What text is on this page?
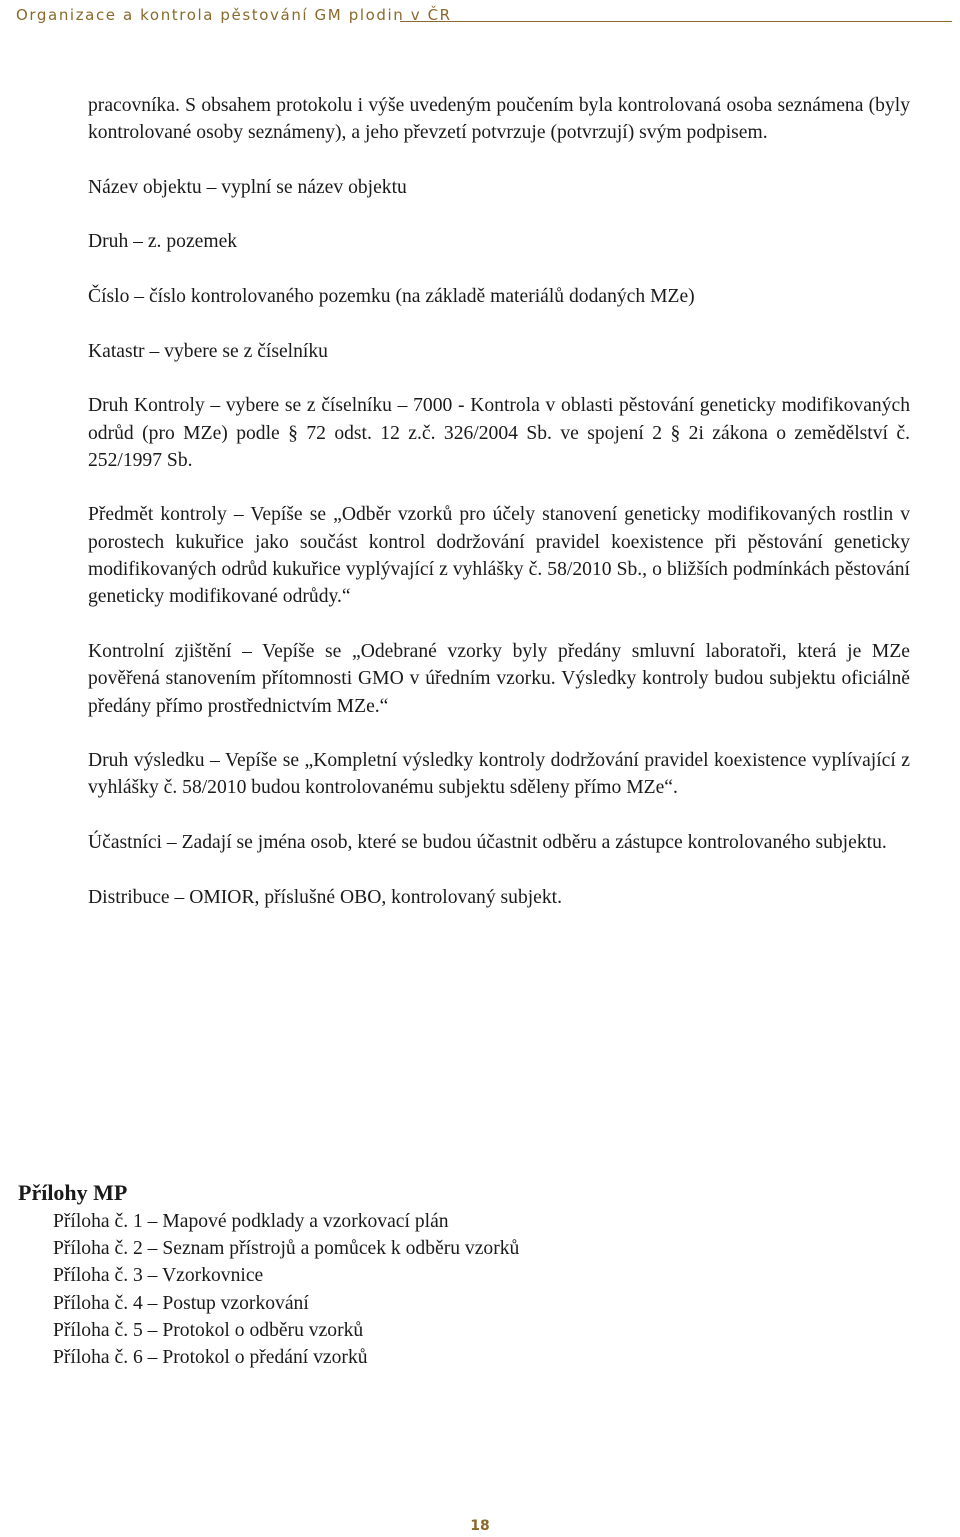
Organizace a kontrola pěstování GM plodin v ČR

pracovníka. S obsahem protokolu i výše uvedeným poučením byla kontrolovaná osoba seznámena (byly kontrolované osoby seznámeny), a jeho převzetí potvrzuje (potvrzují) svým podpisem.

Název objektu – vyplní se název objektu

Druh – z. pozemek

Číslo – číslo kontrolovaného pozemku (na základě materiálů dodaných MZe)

Katastr – vybere se z číselníku

Druh Kontroly – vybere se z číselníku – 7000 - Kontrola v oblasti pěstování geneticky modifikovaných odrůd (pro MZe) podle § 72 odst. 12 z.č. 326/2004 Sb. ve spojení 2 § 2i zákona o zemědělství č. 252/1997 Sb.

Předmět kontroly – Vepíše se „Odběr vzorků pro účely stanovení geneticky modifikovaných rostlin v porostech kukuřice jako součást kontrol dodržování pravidel koexistence při pěstování geneticky modifikovaných odrůd kukuřice vyplývající z vyhlášky č. 58/2010 Sb., o bližších podmínkách pěstování geneticky modifikované odrůdy.“

Kontrolní zjištění – Vepíše se „Odebrané vzorky byly předány smluvní laboratoři, která je MZe pověřená stanovením přítomnosti GMO v úředním vzorku. Výsledky kontroly budou subjektu oficiálně předány přímo prostřednictvím MZe.“

Druh výsledku – Vepíše se „Kompletní výsledky kontroly dodržování pravidel koexistence vyplívající z vyhlášky č. 58/2010 budou kontrolovanému subjektu sděleny přímo MZe“.

Účastníci – Zadají se jména osob, které se budou účastnit odběru a zástupce kontrolovaného subjektu.

Distribuce – OMIOR, příslušné OBO, kontrolovaný subjekt.

Přílohy MP
Příloha č. 1 – Mapové podklady a vzorkovací plán
Příloha č. 2 – Seznam přístrojů a pomůcek k odběru vzorků
Příloha č. 3 – Vzorkovnice
Příloha č. 4 – Postup vzorkování
Příloha č. 5 – Protokol o odběru vzorků
Příloha č. 6 – Protokol o předání vzorků
18
